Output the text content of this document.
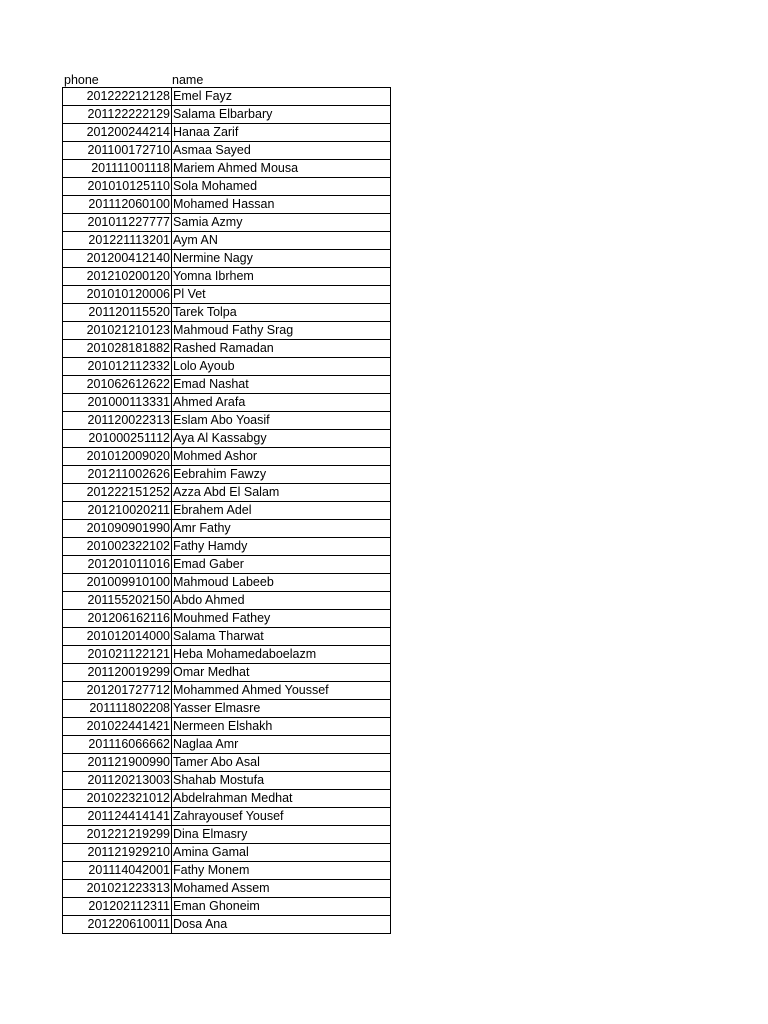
phone	name
201222212128	Emel Fayz
201122222129	Salama Elbarbary
201200244214	Hanaa Zarif
201100172710	Asmaa Sayed
201111001118	Mariem Ahmed Mousa
201010125110	Sola Mohamed
201112060100	Mohamed Hassan
201011227777	Samia Azmy
201221113201	Aym AN
201200412140	Nermine Nagy
201210200120	Yomna Ibrhem
201010120006	Pl Vet
201120115520	Tarek Tolpa
201021210123	Mahmoud Fathy Srag
201028181882	Rashed Ramadan
201012112332	Lolo Ayoub
201062612622	Emad Nashat
201000113331	Ahmed Arafa
201120022313	Eslam Abo Yoasif
201000251112	Aya Al Kassabgy
201012009020	Mohmed Ashor
201211002626	Eebrahim Fawzy
201222151252	Azza Abd El Salam
201210020211	Ebrahem Adel
201090901990	Amr Fathy
201002322102	Fathy Hamdy
201201011016	Emad Gaber
201009910100	Mahmoud Labeeb
201155202150	Abdo Ahmed
201206162116	Mouhmed Fathey
201012014000	Salama Tharwat
201021122121	Heba Mohamedaboelazm
201120019299	Omar Medhat
201201727712	Mohammed Ahmed Youssef
201111802208	Yasser Elmasre
201022441421	Nermeen Elshakh
201116066662	Naglaa Amr
201121900990	Tamer Abo Asal
201120213003	Shahab Mostufa
201022321012	Abdelrahman Medhat
201124414141	Zahrayousef Yousef
201221219299	Dina Elmasry
201121929210	Amina Gamal
201114042001	Fathy Monem
201021223313	Mohamed Assem
201202112311	Eman Ghoneim
201220610011	Dosa Ana
